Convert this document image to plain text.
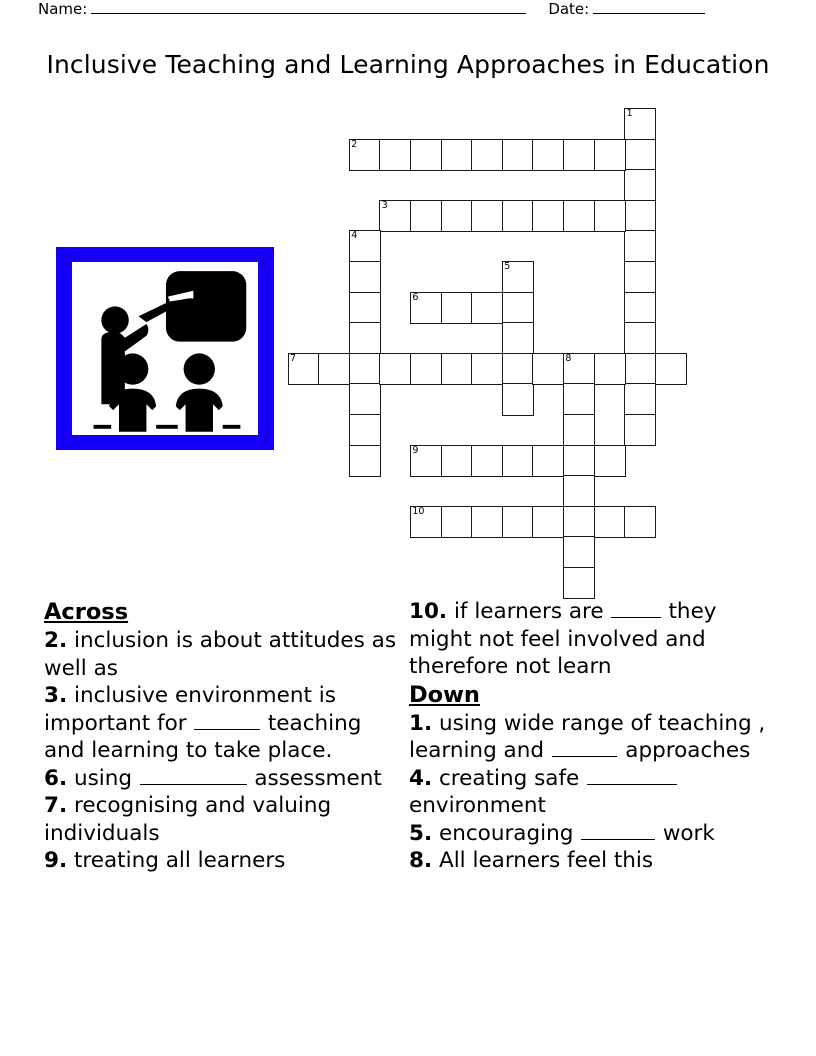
Name:	Date:
Inclusive Teaching and Learning Approaches in Education
1
2
3
4
5
6
7	8
9
10
Across
2. inclusion is about attitudes as well as
3. inclusive environment is important for	teaching and learning to take place.
6. using	assessment
7. recognising and valuing individuals
9. treating all learners
10. if learners are  they might not feel involved and therefore not learn
Down
1. using wide range of teaching , learning and	approaches
4. creating safe  environment
5. encouraging	work
8. All learners feel this
